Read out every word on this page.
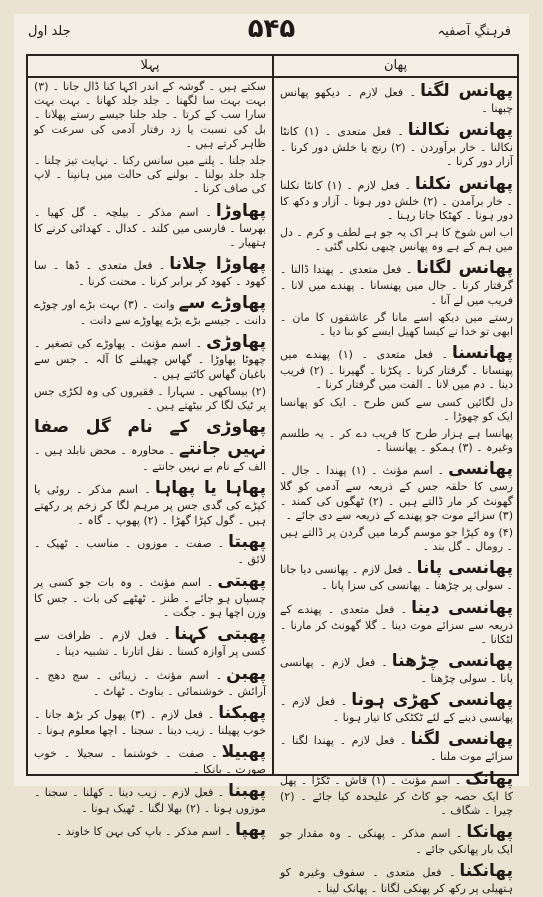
جلد اول	۵۴۵	فرہنگِ آصفیہ
پہلا	پھان

سکتے ہیں ۔ گوشہ کے اندر اکہا کنا ڈال جانا ۔ (۳) بہت بہت سا لگھنا ۔ جلد جلد کھانا ۔ بہت بہت سارا سب کے کرتا ۔ جلد جلنا جیسے رستے پھلانا ۔ بل کی نسبت یا زد رفتار آدمی کی سرعت کو ظاہر کرتے ہیں ۔

جلد جلنا ۔ پلنے میں سانس رکنا ۔ نہایت تیز چلنا ۔ جلد جلد بولنا ۔ بولنے کی حالت میں ہانپنا ۔ لاپ کی صاف کرنا ۔

پھاوڑا۔ اسم مذکر ۔ بیلچہ ۔ گل کھیا ۔ بھرسا ۔ فارسی میں کلند ۔ کدال ۔ کھدائی کرنے کا ہتھیار ۔

پھاوڑا چلانا۔ فعل متعدی ۔ ڈھا ۔ سا کھود ۔ کھود کر برابر کرنا ۔ محنت کرنا ۔

پھاوڑے سےوانت ۔ (۳) بہت بڑے اور چوڑے دانت ۔ جیسے بڑے بڑے پھاوڑے سے دانت ۔

پھاوڑی۔ اسم مؤنث ۔ پھاوڑے کی تصغیر ۔ چھوٹا پھاوڑا ۔ گھاس چھیلنے کا آلہ ۔ جس سے باغبان گھاس کاٹتے ہیں ۔

(۲) بیساکھی ۔ سہارا ۔ فقیروں کی وہ لکڑی جس پر ٹیک لگا کر بیٹھتے ہیں ۔

پھاوڑی کے نام گل صفا نہیں جانتے۔ محاورہ ۔ محض نابلد ہیں ۔ الف کے نام بے نہیں جانتے ۔

پھاہا یا پھاہا۔ اسم مذکر ۔ روئی یا کپڑے کی گدی جس پر مرہم لگا کر زخم پر رکھتے ہیں ۔ گول کپڑا گھڑا ۔ (۲) پھوپ ۔ گاہ ۔

پھبتا۔ صفت ۔ موزوں ۔ مناسب ۔ ٹھیک ۔ لائق ۔

پھبتی۔ اسم مؤنث ۔ وہ بات جو کسی پر چسپاں ہو جائے ۔ طنز ۔ ٹھٹھے کی بات ۔ جس کا وزن اچھا ہو ۔ جگت ۔

پھبتی کہنا۔ فعل لازم ۔ ظرافت سے کسی پر آوازہ کسنا ۔ نقل اتارنا ۔ تشبیہ دینا ۔

پھبن۔ اسم مؤنث ۔ زیبائی ۔ سج دھج ۔ آرائش ۔ خوشنمائی ۔ بناوٹ ۔ ٹھاٹ ۔

پھبکنا۔ فعل لازم ۔ (۳) پھول کر بڑھ جانا ۔ خوب پھیلنا ۔ زیب دینا ۔ سجنا ۔ اچھا معلوم ہونا ۔

پھبیلا۔ صفت ۔ خوشنما ۔ سجیلا ۔ خوب صورت ۔ بانکا ۔

پھبنا۔ فعل لازم ۔ زیب دینا ۔ کھلنا ۔ سجنا ۔ موزوں ہونا ۔ (۲) بھلا لگنا ۔ ٹھیک ہونا ۔

پھپا۔ اسم مذکر ۔ باپ کی بہن کا خاوند ۔

پھانس لگنا۔ فعل لازم ۔ دیکھو پھانس چبھنا ۔

پھانس نکالنا۔ فعل متعدی ۔ (۱) کانٹا نکالنا ۔ خار برآوردن ۔ (۲) رنج یا خلش دور کرنا ۔ آزار دور کرنا ۔

پھانس نکلنا۔ فعل لازم ۔ (۱) کانٹا نکلنا ۔ خار برآمدن ۔ (۲) خلش دور ہونا ۔ آزار و دکھ کا دور ہونا ۔ کھٹکا جاتا رہنا ۔

اب اس شوخ کا ہر اک پہ جو ہے لطف و کرم ۔ دل میں ہم کے ہے وہ پھانس چبھی نکلی گئی ۔

پھانس لگانا۔ فعل متعدی ۔ پھندا ڈالنا ۔ گرفتار کرنا ۔ جال میں پھنسانا ۔ پھندے میں لانا ۔ فریب میں لے آنا ۔

رستے میں دیکھ اسے مانا گر عاشقوں کا مان ۔ ابھی تو خدا نے کیسا کھیل ایسے کو بنا دیا ۔

پھانسنا۔ فعل متعدی ۔ (۱) پھندے میں پھنسانا ۔ گرفتار کرنا ۔ پکڑنا ۔ گھیرنا ۔ (۲) فریب دینا ۔ دم میں لانا ۔ الفت میں گرفتار کرنا ۔

دل لگائیں کسی سے کس طرح ۔ ایک کو پھانسا ایک کو چھوڑا ۔

پھانسا ہے ہزار طرح کا فریب دے کر ۔ یہ طلسم وغیرہ ۔ (۳) ہمکو ۔ پھانسنا ۔

پھانسی۔ اسم مؤنث ۔ (۱) پھندا ۔ جال ۔ رسی کا حلقہ جس کے ذریعہ سے آدمی کو گلا گھونٹ کر مار ڈالتے ہیں ۔ (۲) ٹھگوں کی کمند ۔ (۳) سزائے موت جو پھندے کے ذریعہ سے دی جائے ۔

(۴) وہ کپڑا جو موسم گرما میں گردن پر ڈالتے ہیں ۔ رومال ۔ گل بند ۔

پھانسی پانا۔ فعل لازم ۔ پھانسی دیا جانا ۔ سولی پر چڑھنا ۔ پھانسی کی سزا پانا ۔

پھانسی دینا۔ فعل متعدی ۔ پھندے کے ذریعہ سے سزائے موت دینا ۔ گلا گھونٹ کر مارنا ۔ لٹکانا ۔

پھانسی چڑھنا۔ فعل لازم ۔ پھانسی پانا ۔ سولی چڑھنا ۔

پھانسی کھڑی ہونا۔ فعل لازم ۔ پھانسی دینے کے لئے ٹکٹکی کا تیار ہونا ۔

پھانسی لگنا۔ فعل لازم ۔ پھندا لگنا ۔ سزائے موت ملنا ۔

پھانک۔ اسم مؤنث ۔ (۱) قاش ۔ ٹکڑا ۔ پھل کا ایک حصہ جو کاٹ کر علیحدہ کیا جائے ۔ (۲) چیرا ۔ شگاف ۔

پھانکا۔ اسم مذکر ۔ پھنکی ۔ وہ مقدار جو ایک بار پھانکی جائے ۔

پھانکنا۔ فعل متعدی ۔ سفوف وغیرہ کو ہتھیلی پر رکھ کر پھنکی لگانا ۔ پھانک لینا ۔
